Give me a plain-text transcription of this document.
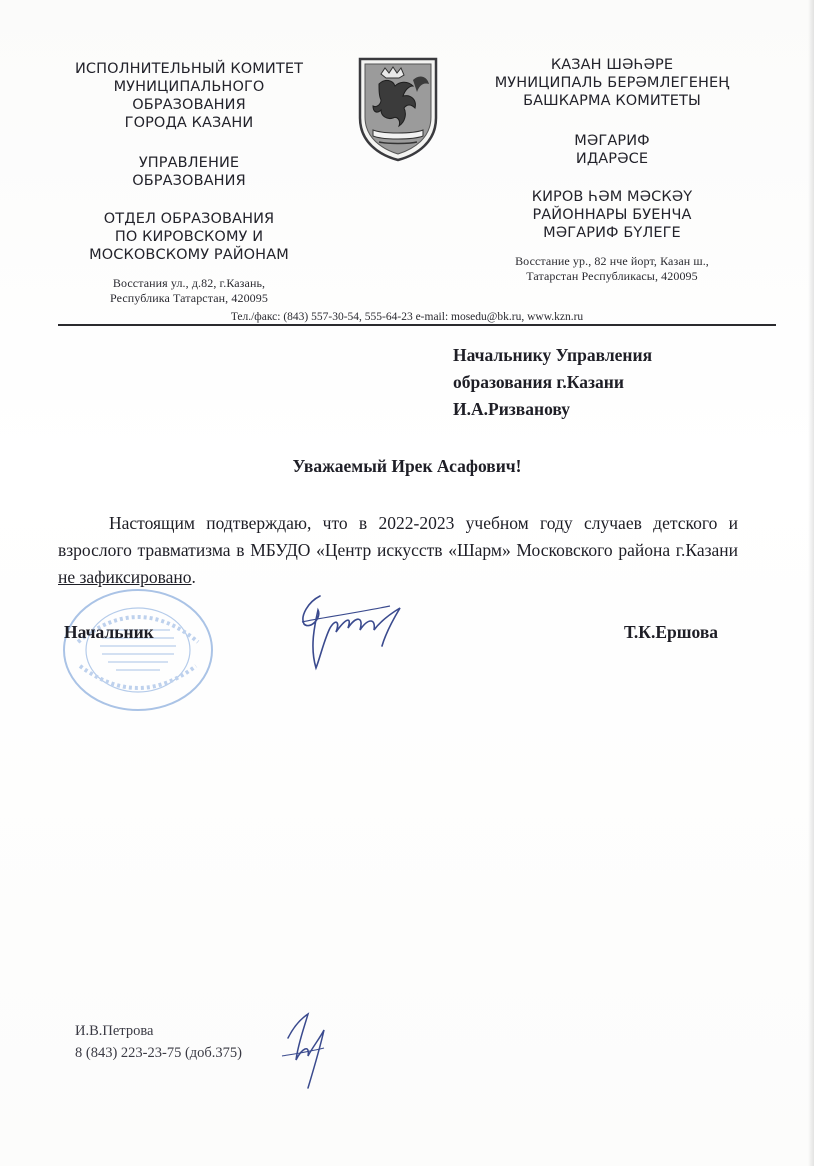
ИСПОЛНИТЕЛЬНЫЙ КОМИТЕТ
МУНИЦИПАЛЬНОГО ОБРАЗОВАНИЯ
ГОРОДА КАЗАНИ
УПРАВЛЕНИЕ
ОБРАЗОВАНИЯ
ОТДЕЛ ОБРАЗОВАНИЯ
ПО КИРОВСКОМУ И
МОСКОВСКОМУ РАЙОНАМ
Восстания ул., д.82, г.Казань,
Республика Татарстан, 420095
КАЗАН ШӘҺӘРЕ
МУНИЦИПАЛЬ БЕРӘМЛЕГЕНЕҢ
БАШКАРМА КОМИТЕТЫ
МӘГАРИФ
ИДАРӘСЕ
КИРОВ ҺӘМ МӘСКӘҮ
РАЙОННАРЫ БУЕНЧА
МӘГАРИФ БҮЛЕГЕ
Восстание ур., 82 нче йорт, Казан ш.,
Татарстан Республикасы, 420095
Тел./факс: (843) 557-30-54, 555-64-23 e-mail: mosedu@bk.ru, www.kzn.ru
Начальнику Управления
образования г.Казани
И.А.Ризванову
Уважаемый Ирек Асафович!
Настоящим подтверждаю, что в 2022-2023 учебном году случаев детского и взрослого травматизма в МБУДО «Центр искусств «Шарм» Московского района г.Казани не зафиксировано.
Начальник	Т.К.Ершова
И.В.Петрова
8 (843) 223-23-75 (доб.375)
